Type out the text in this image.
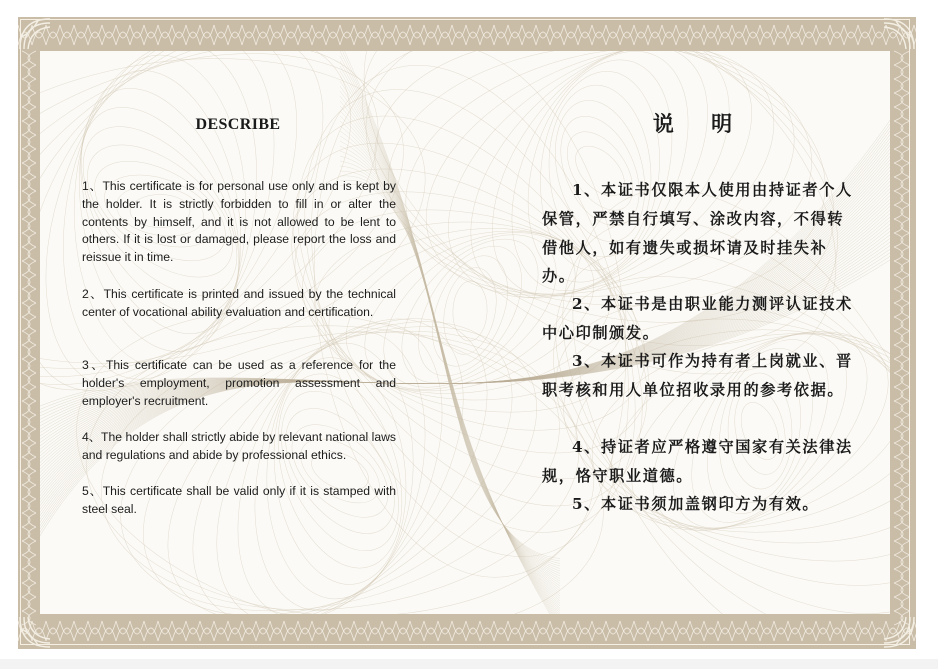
DESCRIBE
1、This certificate is for personal use only and is kept by the holder. It is strictly forbidden to fill in or alter the contents by himself, and it is not allowed to be lent to others. If it is lost or damaged, please report the loss and reissue it in time.
2、This certificate is printed and issued by the technical center of vocational ability evaluation and certification.
3、This certificate can be used as a reference for the holder's employment, promotion assessment and employer's recruitment.
4、The holder shall strictly abide by relevant national laws and regulations and abide by professional ethics.
5、This certificate shall be valid only if it is stamped with steel seal.
说 明
1、本证书仅限本人使用由持证者个人保管，严禁自行填写、涂改内容，不得转借他人，如有遗失或损坏请及时挂失补办。
2、本证书是由职业能力测评认证技术中心印制颁发。
3、本证书可作为持有者上岗就业、晋职考核和用人单位招收录用的参考依据。
4、持证者应严格遵守国家有关法律法规，恪守职业道德。
5、本证书须加盖钢印方为有效。
